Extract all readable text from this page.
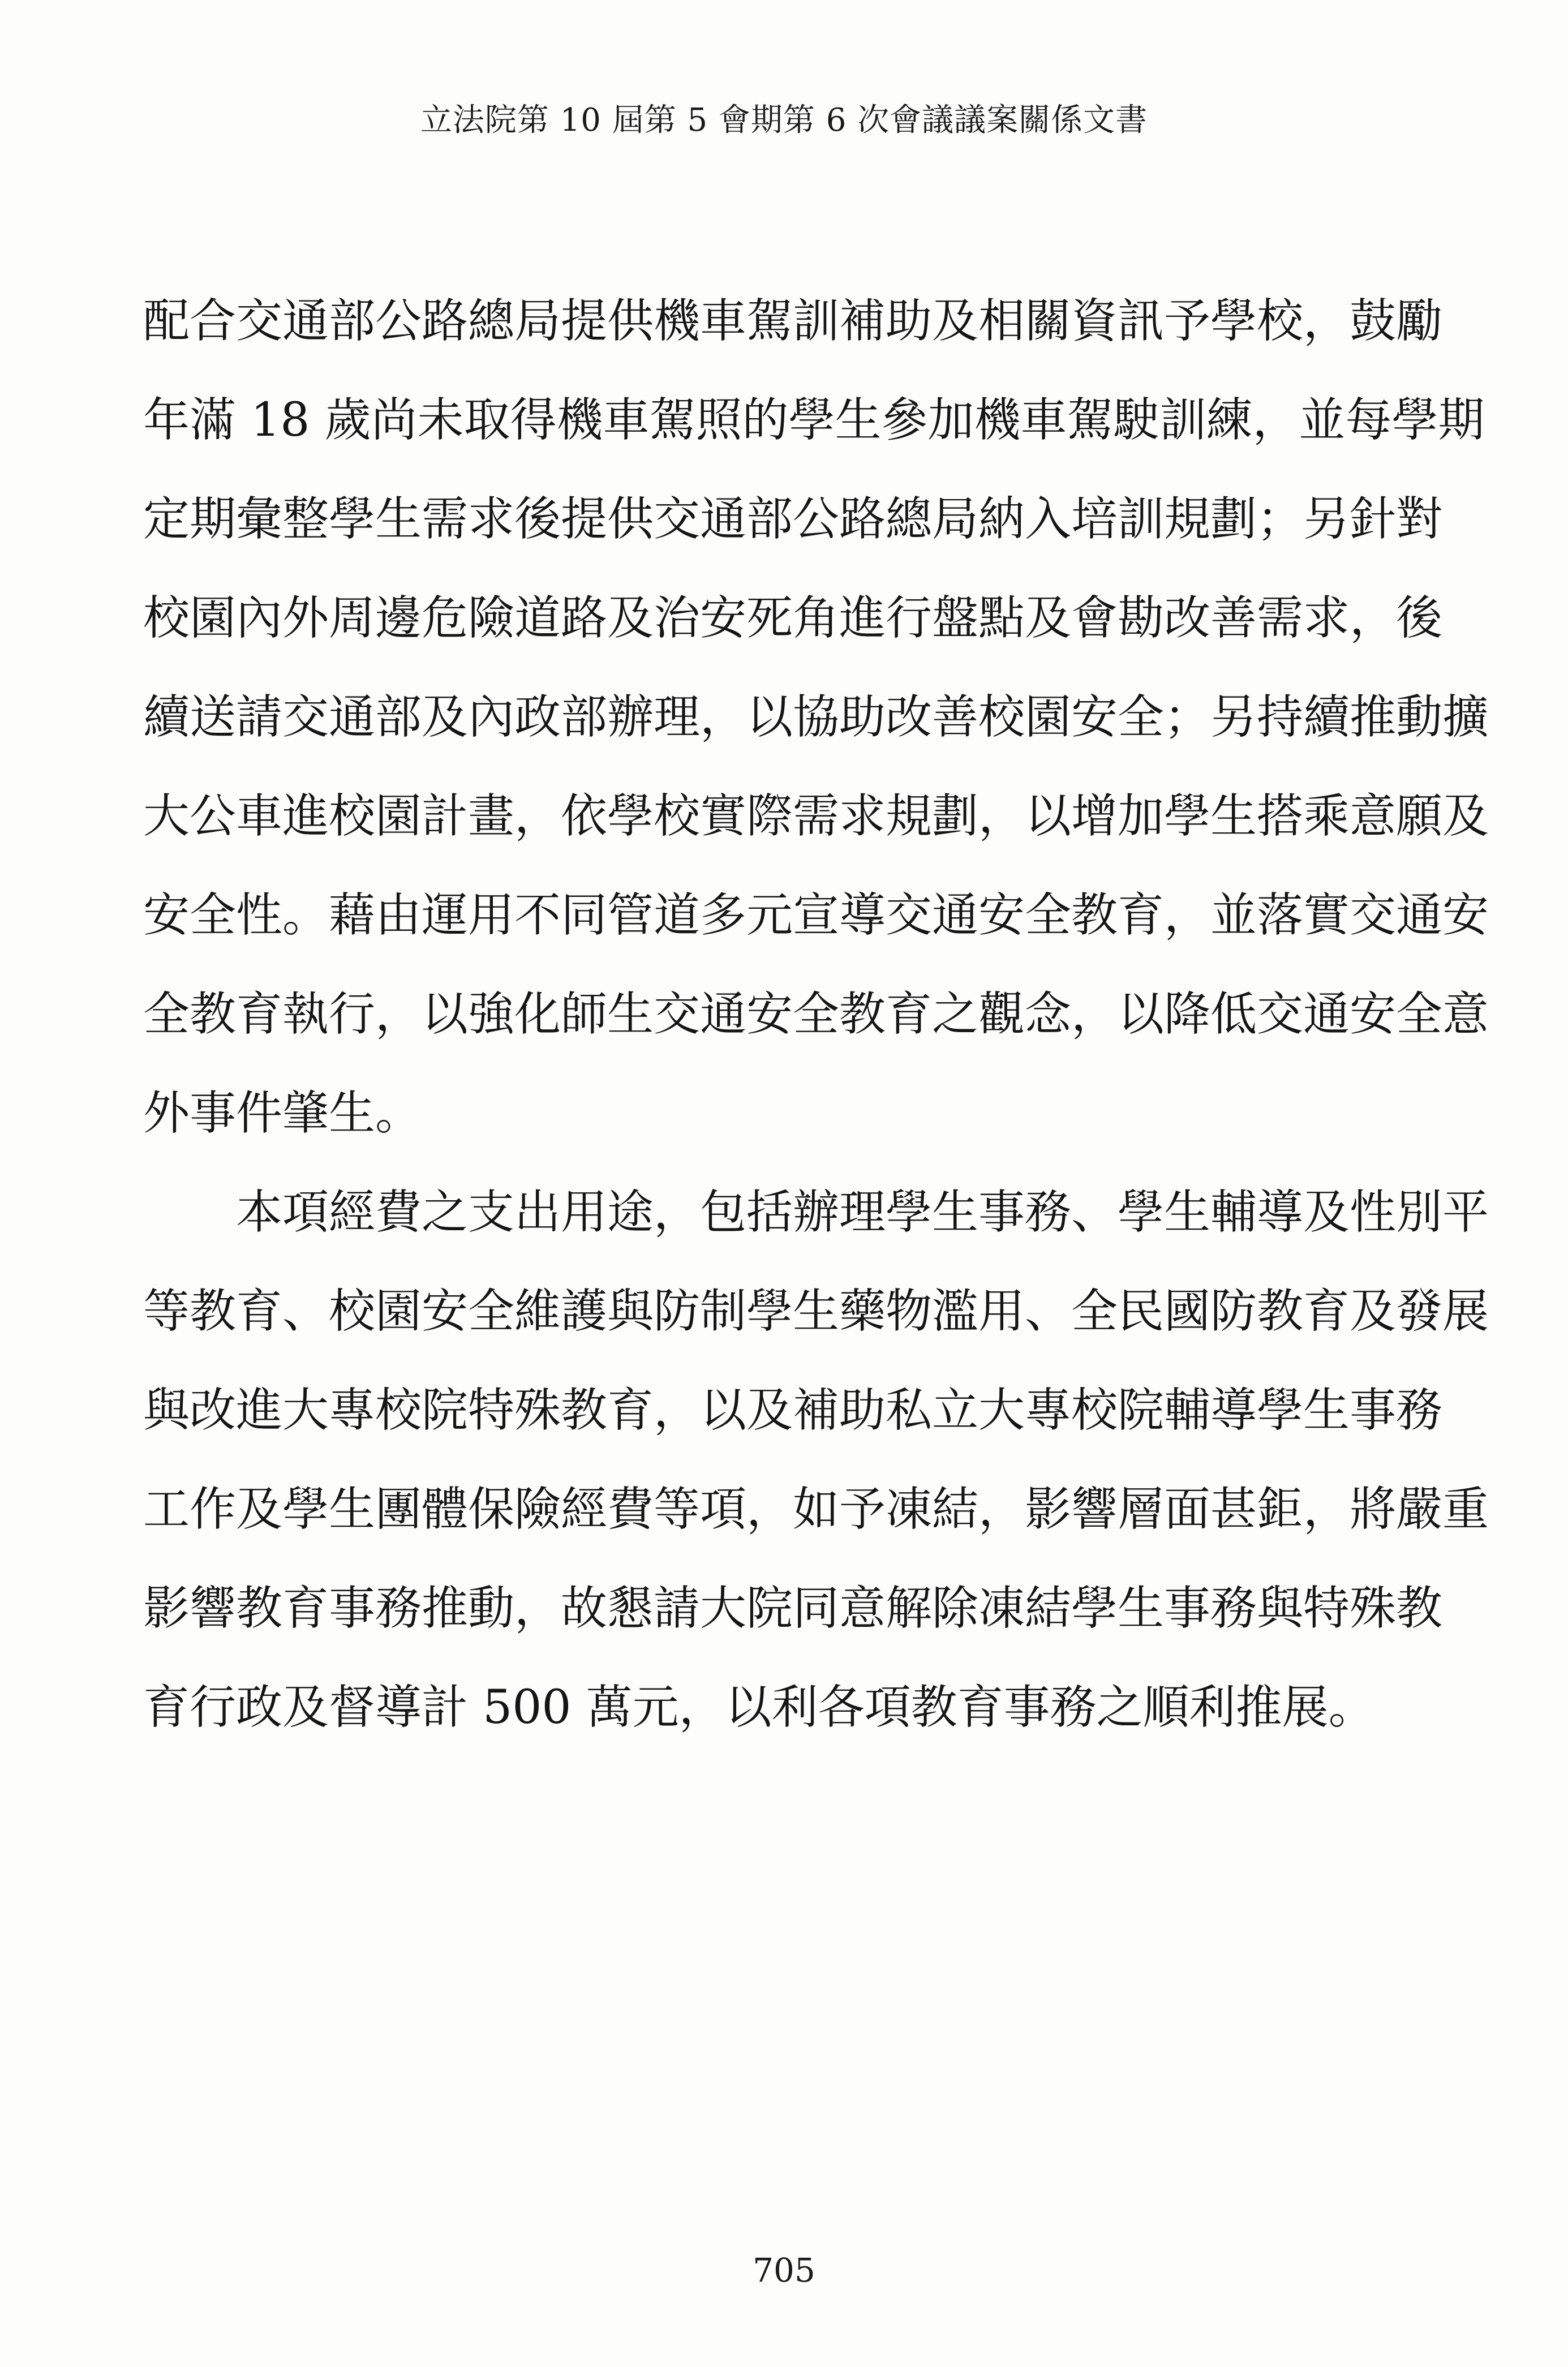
立法院第 10 屆第 5 會期第 6 次會議議案關係文書
配合交通部公路總局提供機車駕訓補助及相關資訊予學校，鼓勵
年滿 18 歲尚未取得機車駕照的學生參加機車駕駛訓練，並每學期
定期彙整學生需求後提供交通部公路總局納入培訓規劃；另針對
校園內外周邊危險道路及治安死角進行盤點及會勘改善需求，後
續送請交通部及內政部辦理，以協助改善校園安全；另持續推動擴
大公車進校園計畫，依學校實際需求規劃，以增加學生搭乘意願及
安全性。藉由運用不同管道多元宣導交通安全教育，並落實交通安
全教育執行，以強化師生交通安全教育之觀念，以降低交通安全意
外事件肇生。
　　本項經費之支出用途，包括辦理學生事務、學生輔導及性別平
等教育、校園安全維護與防制學生藥物濫用、全民國防教育及發展
與改進大專校院特殊教育，以及補助私立大專校院輔導學生事務
工作及學生團體保險經費等項，如予凍結，影響層面甚鉅，將嚴重
影響教育事務推動，故懇請大院同意解除凍結學生事務與特殊教
育行政及督導計 500 萬元，以利各項教育事務之順利推展。
705
